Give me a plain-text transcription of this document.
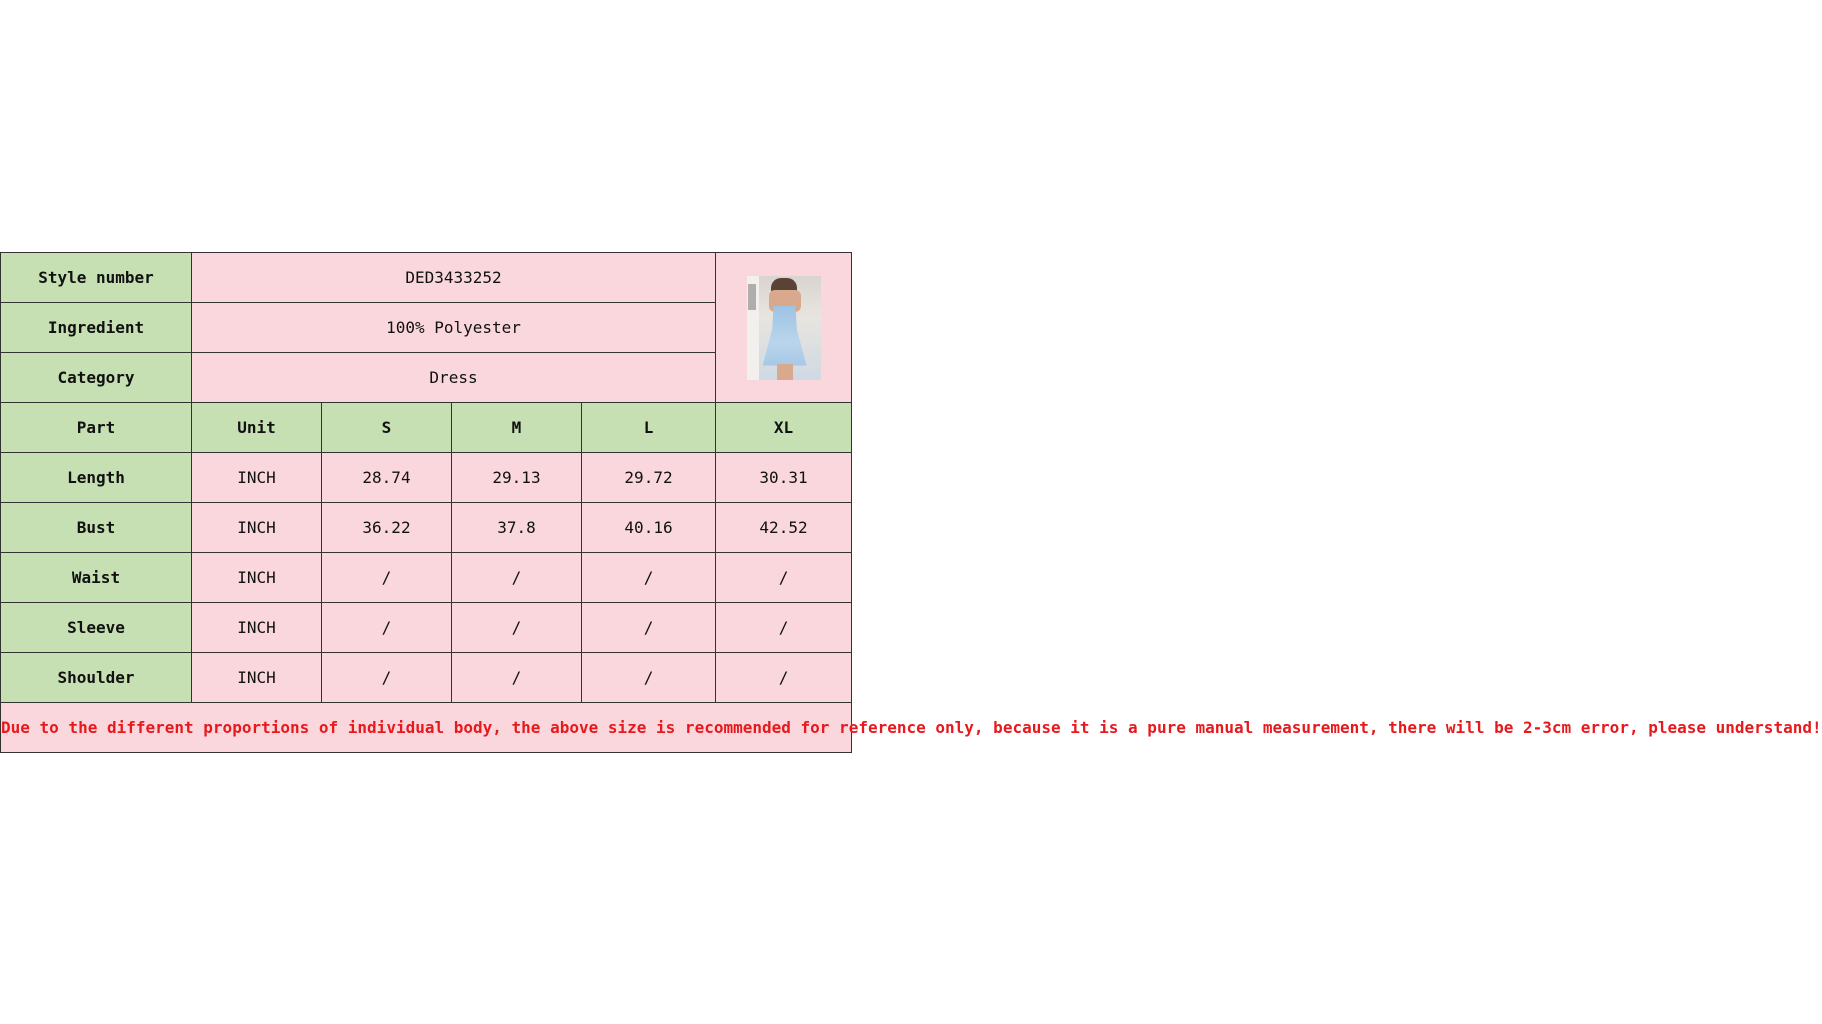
Style number	DED3433252				

Ingredient	100% Polyester				
Category	Dress				
Part	Unit	S	M	L	XL
Length	INCH	28.74	29.13	29.72	30.31
Bust	INCH	36.22	37.8	40.16	42.52
Waist	INCH	/	/	/	/
Sleeve	INCH	/	/	/	/
Shoulder	INCH	/	/	/	/
Due to the different proportions of individual body, the above size is recommended for reference only, because it is a pure manual measurement, there will be 2-3cm error, please understand!					
